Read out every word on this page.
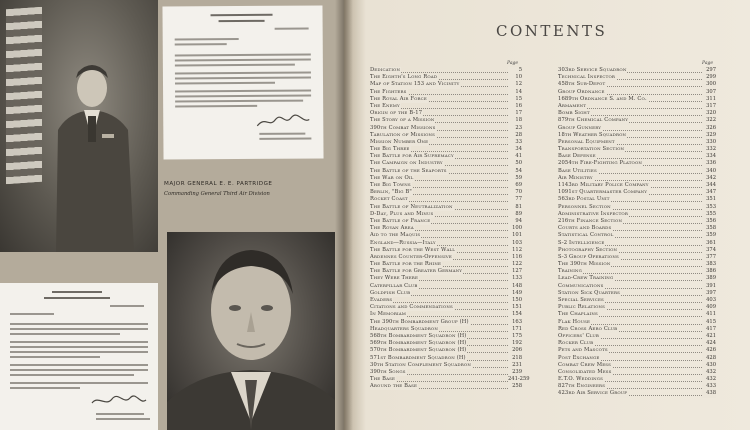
MAJOR GENERAL E. E. PARTRIDGE
Commanding General Third Air Division
CONTENTS
Page	Page
Dedication	5
The Eighth's Long Road	10
Map of Station 153 and Vicinity	12
The Fighters	14
The Royal Air Force	15
The Enemy	16
Origin of the B-17	17
The Story of a Mission	18
390th Combat Missions	23
Tabulation of Missions	28
Mission Number One	33
The Big Three	34
The Battle for Air Supremacy	41
The Campaign on Industry	50
The Battle of the Seaports	54
The War on Oil	59
The Big Towns	69
Berlin, "Big B"	70
Rocket Coast	77
The Battle of Neutralization	81
D-Day, Plus and Minus	89
The Battle of France	94
The Royan Area	100
Aid to the Maquis	101
England—Russia—Italy	103
The Battle for the West Wall	112
Ardennes Counter-Offensive	116
The Battle for the Rhine	122
The Battle for Greater Germany	127
They Were There	133
Caterpillar Club	148
Goldfish Club	149
Evaders	150
Citations and Commendations	151
In Memoriam	154
The 390th Bombardment Group (H)	163
Headquarters Squadron	171
568th Bombardment Squadron (H)	175
569th Bombardment Squadron (H)	192
570th Bombardment Squadron (H)	206
571st Bombardment Squadron (H)	218
30th Station Complement Squadron	231
390th Songs	239
The Base	241-259
Around the Base	258
303rd Service Squadron	297
Technical Inspector	299
458th Sub-Depot	300
Group Ordnance	307
1689th Ordnance S. and M. Co.	311
Armament	317
Bomb Sight	320
879th Chemical Company	322
Group Gunnery	326
18th Weather Squadron	329
Personal Equipment	330
Transportation Section	332
Base Defense	334
2054th Fire-Fighting Platoon	336
Base Utilities	340
Air Ministry	342
1143rd Military Police Company	344
1091st Quartermaster Company	347
563rd Postal Unit	351
Personnel Section	353
Administrative Inspector	355
216th Finance Section	356
Courts and Boards	358
Statistical Control	359
S-2 Intelligence	361
Photography Section	374
S-3 Group Operations	377
The 390th Mission	383
Training	386
Lead-Crew Training	389
Communications	391
Station Sick Quarters	397
Special Services	403
Public Relations	409
The Chaplains	411
Flak House	415
Red Cross Aero Club	417
Officers' Club	421
Rocker Club	424
Pets and Mascots	426
Post Exchange	428
Combat Crew Mess	430
Consolidated Mess	432
E.T.O. Weddings	432
827th Engineers	433
423rd Air Service Group	438
